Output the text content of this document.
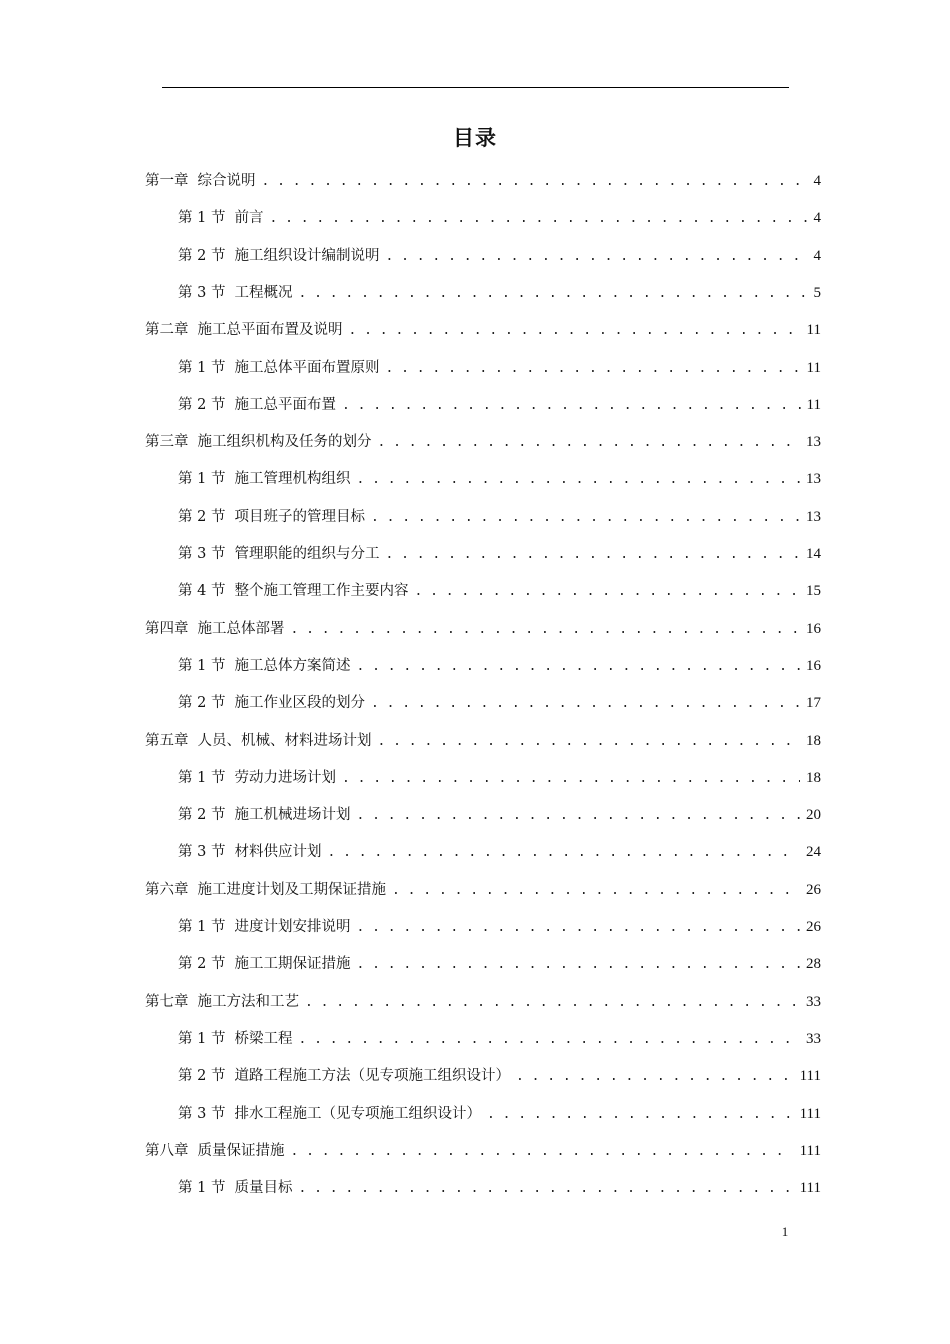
目录
第一章 综合说明 . . .	4
第 1 节 前言 . . .	4
第 2 节 施工组织设计编制说明 . . .	4
第 3 节 工程概况 . . .	5
第二章 施工总平面布置及说明 . . .	11
第 1 节 施工总体平面布置原则 . . .	11
第 2 节 施工总平面布置 . . .	11
第三章 施工组织机构及任务的划分 . . .	13
第 1 节 施工管理机构组织 . . .	13
第 2 节 项目班子的管理目标 . . .	13
第 3 节 管理职能的组织与分工 . . .	14
第 4 节 整个施工管理工作主要内容 . . .	15
第四章 施工总体部署 . . .	16
第 1 节 施工总体方案简述 . . .	16
第 2 节 施工作业区段的划分 . . .	17
第五章 人员、机械、材料进场计划 . . .	18
第 1 节 劳动力进场计划 . . .	18
第 2 节 施工机械进场计划 . . .	20
第 3 节 材料供应计划 . . .	24
第六章 施工进度计划及工期保证措施 . . .	26
第 1 节 进度计划安排说明 . . .	26
第 2 节 施工工期保证措施 . . .	28
第七章 施工方法和工艺 . . .	33
第 1 节 桥梁工程 . . .	33
第 2 节 道路工程施工方法（见专项施工组织设计） . . .	111
第 3 节 排水工程施工（见专项施工组织设计） . . .	111
第八章 质量保证措施 . . .	111
第 1 节 质量目标 . . .	111
1
